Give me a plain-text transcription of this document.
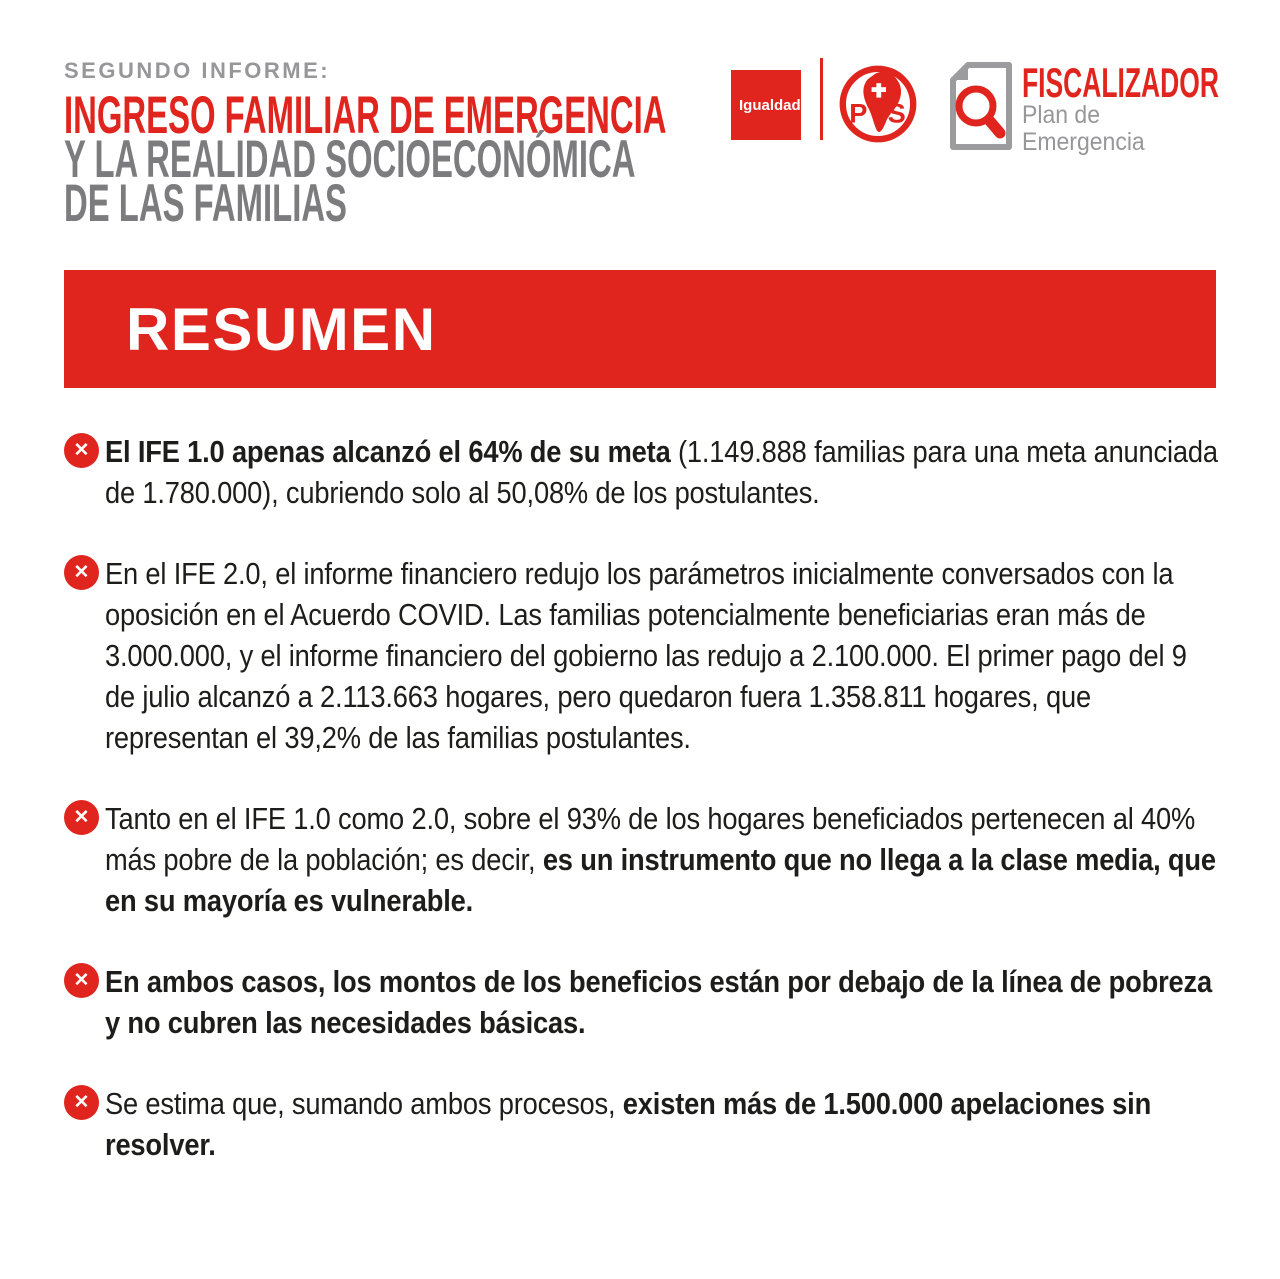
SEGUNDO INFORME:
INGRESO FAMILIAR DE EMERGENCIA
Y LA REALIDAD SOCIOECONÓMICA
DE LAS FAMILIAS
Igualdad P S
FISCALIZADOR
Plan de
Emergencia
RESUMEN
✕ El IFE 1.0 apenas alcanzó el 64% de su meta (1.149.888 familias para una meta anunciada de 1.780.000), cubriendo solo al 50,08% de los postulantes.
✕ En el IFE 2.0, el informe financiero redujo los parámetros inicialmente conversados con la oposición en el Acuerdo COVID. Las familias potencialmente beneficiarias eran más de 3.000.000, y el informe financiero del gobierno las redujo a 2.100.000. El primer pago del 9 de julio alcanzó a 2.113.663 hogares, pero quedaron fuera 1.358.811 hogares, que representan el 39,2% de las familias postulantes.
✕ Tanto en el IFE 1.0 como 2.0, sobre el 93% de los hogares beneficiados pertenecen al 40% más pobre de la población; es decir, es un instrumento que no llega a la clase media, que en su mayoría es vulnerable.
✕ En ambos casos, los montos de los beneficios están por debajo de la línea de pobreza y no cubren las necesidades básicas.
✕ Se estima que, sumando ambos procesos, existen más de 1.500.000 apelaciones sin resolver.
